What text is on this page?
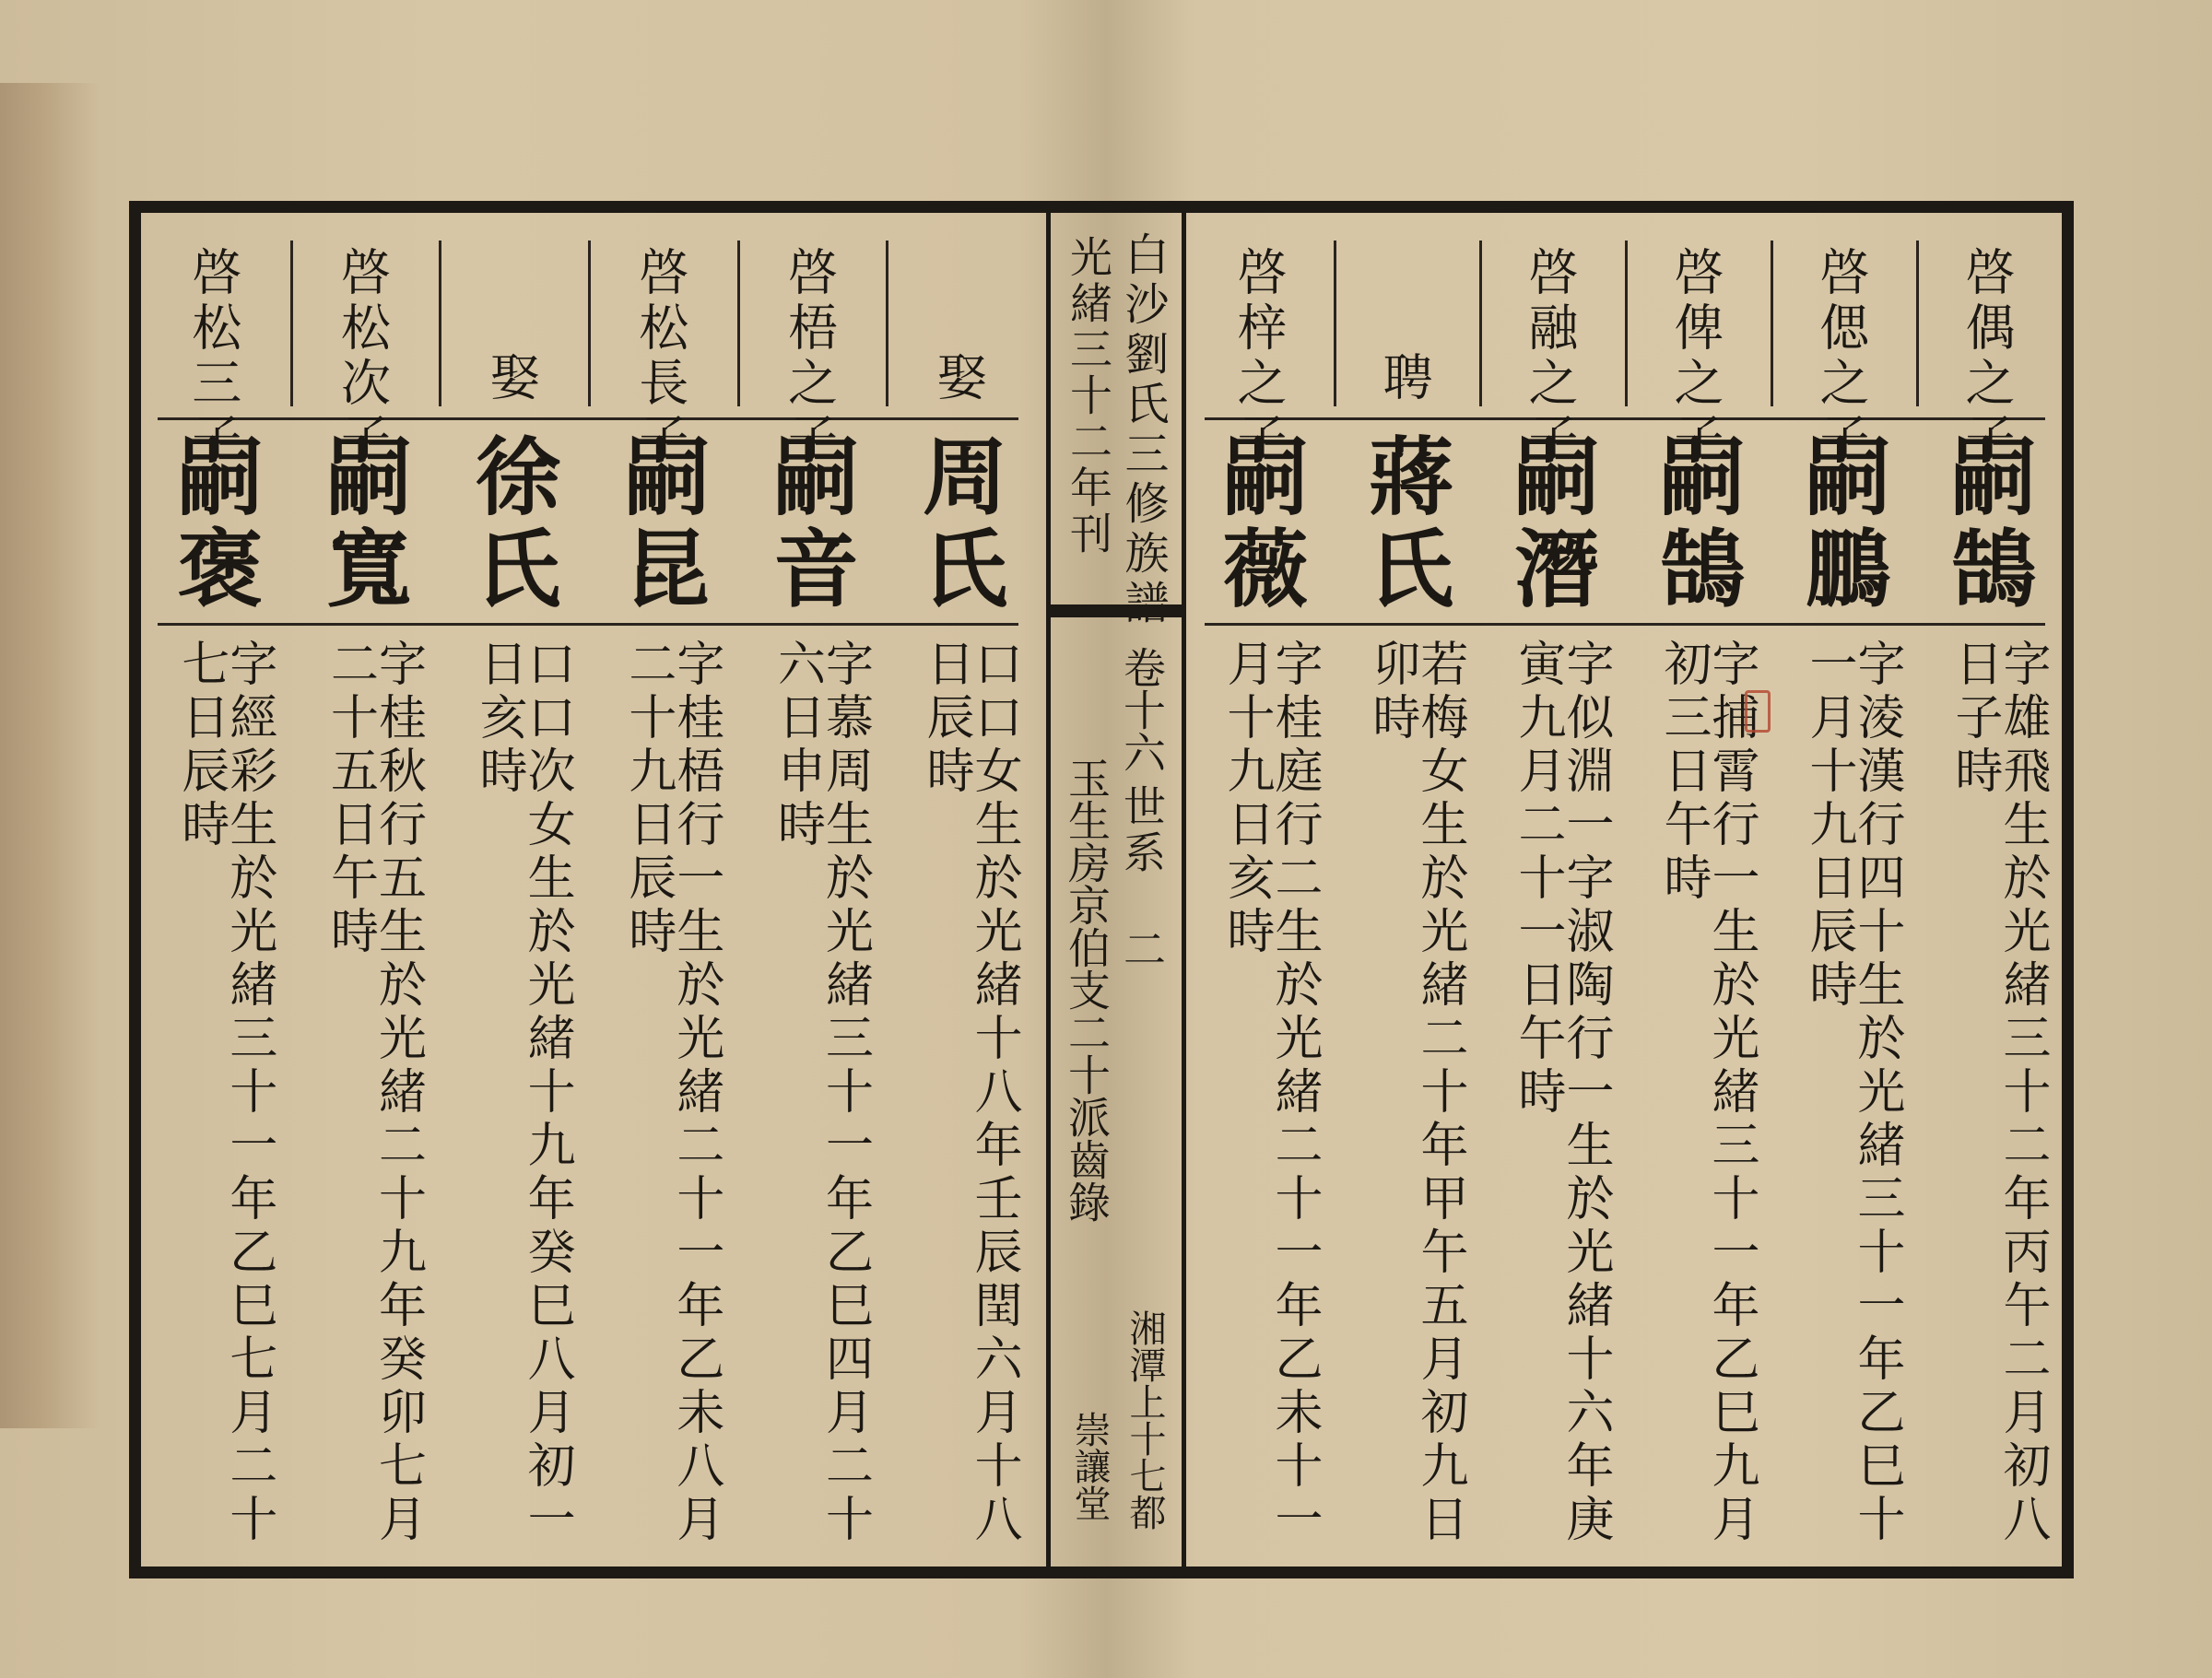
啓偶之子
嗣鵠
字雄飛生於光緒三十二年丙午二月初八日子時
啓偲之子
嗣鵬
字淩漢行四十生於光緒三十一年乙巳十一月十九日辰時
啓俾之子
嗣鵠
字捕霄行一生於光緒三十一年乙巳九月初三日午時
啓融之子
嗣潛
字似淵一字淑陶行一生於光緒十六年庚寅九月二十一日午時
聘
蔣氏
若梅女生於光緒二十年甲午五月初九日卯時
啓梓之子
嗣薇
字桂庭行二生於光緒二十一年乙未十一月十九日亥時
白沙劉氏三修族譜
光緒三十二年刊
卷十六
世系
二
玉生房京伯支二十派齒錄
湘潭上十七都
崇讓堂
娶
周氏
口口女生於光緒十八年壬辰閏六月十八日辰時
啓梧之子
嗣音
字慕周生於光緒三十一年乙巳四月二十六日申時
啓松長子
嗣昆
字桂梧行一生於光緒二十一年乙未八月二十九日辰時
娶
徐氏
口口次女生於光緒十九年癸巳八月初一日亥時
啓松次子
嗣寬
字桂秋行五生於光緒二十九年癸卯七月二十五日午時
啓松三子
嗣褒
字經彩生於光緒三十一年乙巳七月二十七日辰時
